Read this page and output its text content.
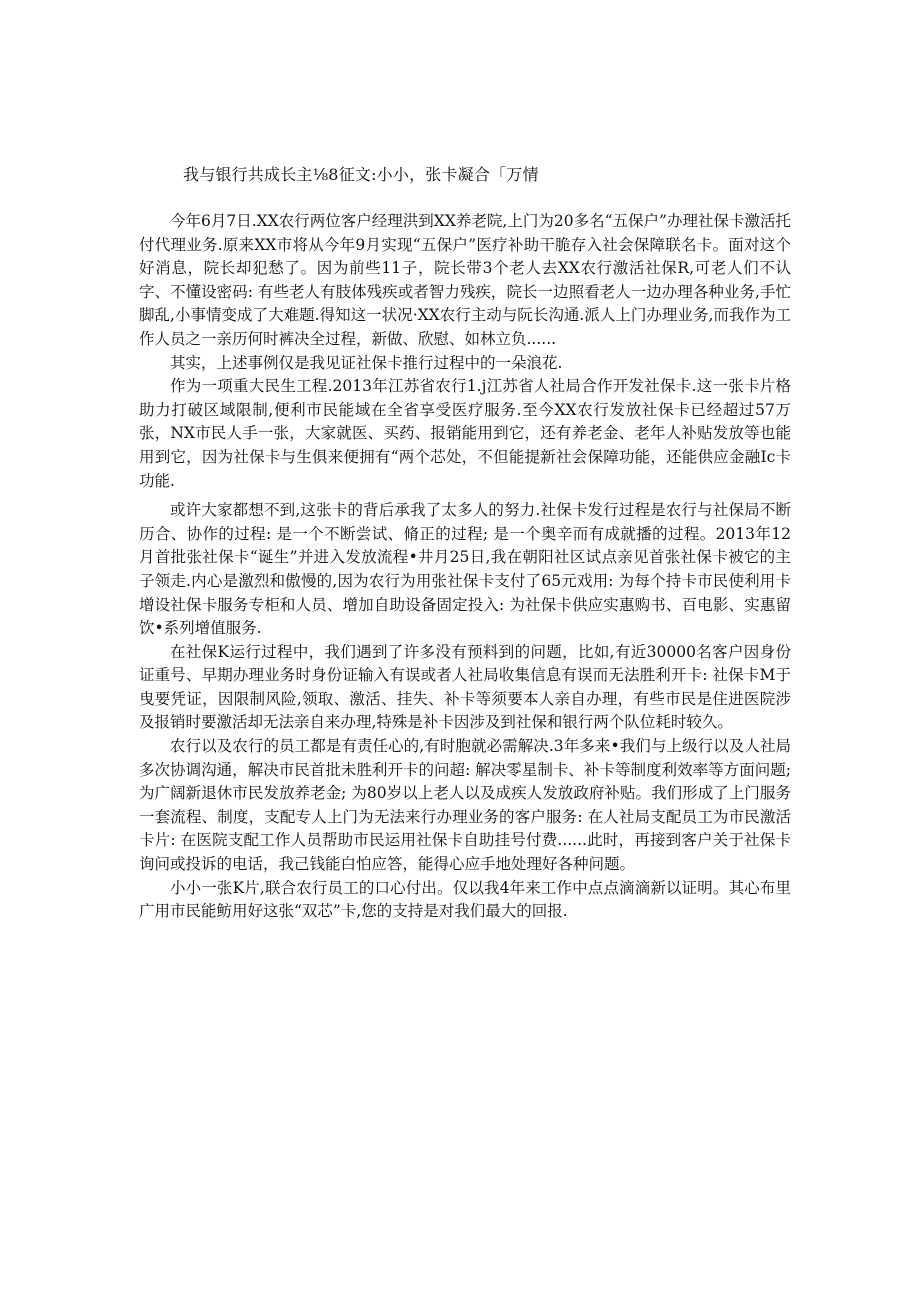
我与银行共成长主⅛8征文:小小，张卡凝合「万情

今年6月7日.XX农行两位客户经理洪到XX养老院,上门为20多名“五保户”办理社保卡激活托付代理业务.原来XX市将从今年9月实现“五保户”医疗补助干脆存入社会保障联名卡。面对这个好消息，院长却犯愁了。因为前些11子，院长带3个老人去XX农行激活社保R,可老人们不认字、不懂设密码: 有些老人有肢体残疾或者智力残疾，院长一边照看老人一边办理各种业务,手忙脚乱,小事情变成了大难题.得知这一状况·XX农行主动与阮长沟通.派人上门办理业务,而我作为工作人员之一亲历何时裤决全过程，新做、欣慰、如林立负......

其实，上述事例仅是我见证社保卡推行过程中的一朵浪花.

作为一项重大民生工程.2013年江苏省农行1.j江苏省人社局合作开发社保卡.这一张卡片格助力打破区域限制,便利市民能域在全省享受医疗服务.至今XX农行发放社保卡已经超过57万张，NX市民人手一张，大家就医、买药、报销能用到它，还有养老金、老年人补贴发放等也能用到它，因为社保卡与生俱来便拥有“两个芯处，不但能提新社会保障功能，还能供应金融Ic卡功能.

或许大家都想不到,这张卡的背后承我了太多人的努力.社保卡发行过程是农行与社保局不断历合、协作的过程: 是一个不断尝试、脩正的过程; 是一个奥辛而有成就播的过程。2013年12月首批张社保卡“诞生”并进入发放流程•井月25日,我在朝阳社区试点亲见首张社保卡被它的主子领走.内心是激烈和傲慢的,因为农行为用张社保卡支付了65元戏用: 为每个持卡市民使利用卡增设社保卡服务专柜和人员、增加自助设备固定投入: 为社保卡供应实惠购书、百电影、实惠留饮•系列增值服务.

在社保K运行过程中，我们遇到了许多没有预料到的问题，比如,有近30000名客户因身份证重号、早期办理业务时身份证输入有误或者人社局收集信息有误而无法胜利开卡: 社保卡M于曳要凭证，因限制风险,领取、激活、挂失、补卡等须要本人亲自办理，有些市民是住进医院涉及报销时要激活却无法亲自来办理,特殊是补卡因涉及到社保和银行两个队位耗时较久。

农行以及农行的员工都是有责任心的,有时胞就必需解决.3年多来•我们与上级行以及人社局多次协调沟通，解决市民首批未胜利开卡的问超: 解决零星制卡、补卡等制度利效率等方面问题; 为广阔新退休市民发放养老金; 为80岁以上老人以及成疾人发放政府补贴。我们形成了上门服务一套流程、制度，支配专人上门为无法来行办理业务的客户服务: 在人社局支配员工为市民激活卡片: 在医院支配工作人员帮助市民运用社保卡自助挂号付费......此时，再接到客户关于社保卡询问或投诉的电话，我己钱能白怕应答，能得心应手地处理好各种问题。

小小一张K片,联合农行员工的口心付出。仅以我4年来工作中点点滴滴新以证明。其心布里广用市民能鲂用好这张“双芯”卡,您的支持是对我们最大的回报.
